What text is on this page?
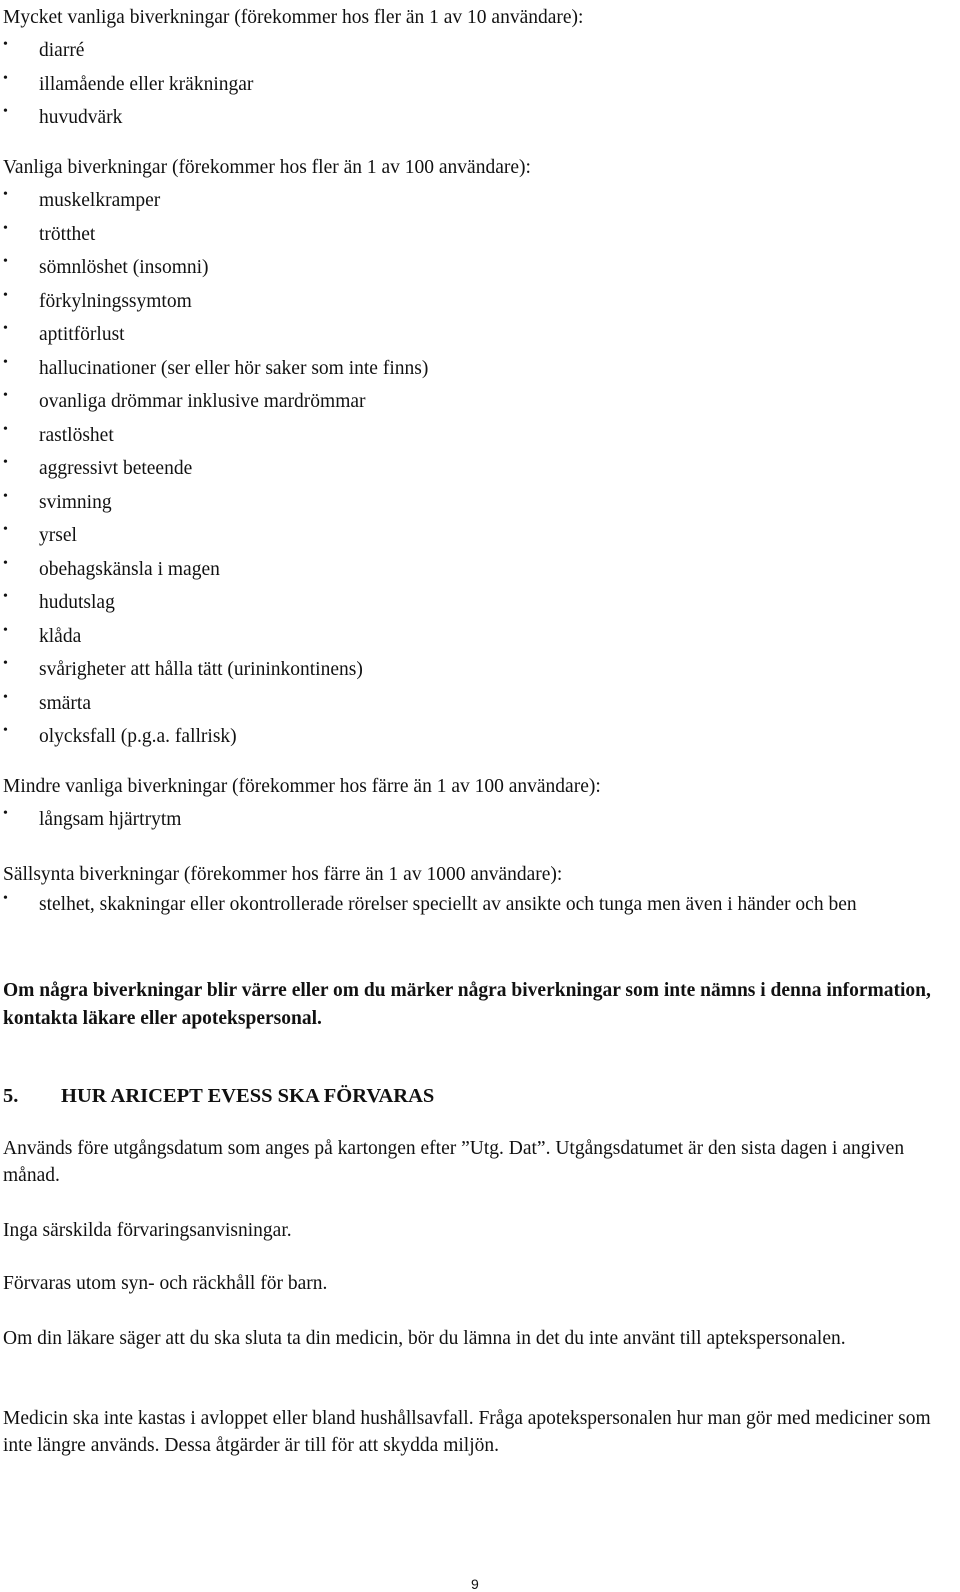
Mycket vanliga biverkningar (förekommer hos fler än 1 av 10 användare):
• diarré
• illamående eller kräkningar
• huvudvärk
Vanliga biverkningar (förekommer hos fler än 1 av 100 användare):
• muskelkramper
• trötthet
• sömnlöshet (insomni)
• förkylningssymtom
• aptitförlust
• hallucinationer (ser eller hör saker som inte finns)
• ovanliga drömmar inklusive mardrömmar
• rastlöshet
• aggressivt beteende
• svimning
• yrsel
• obehagskänsla i magen
• hudutslag
• klåda
• svårigheter att hålla tätt (urininkontinens)
• smärta
• olycksfall (p.g.a. fallrisk)
Mindre vanliga biverkningar (förekommer hos färre än 1 av 100 användare):
• långsam hjärtrytm
Sällsynta biverkningar (förekommer hos färre än 1 av 1000 användare):
• stelhet, skakningar eller okontrollerade rörelser speciellt av ansikte och tunga men även i händer och ben
Om några biverkningar blir värre eller om du märker några biverkningar som inte nämns i denna information, kontakta läkare eller apotekspersonal.
5. HUR ARICEPT EVESS SKA FÖRVARAS
Används före utgångsdatum som anges på kartongen efter ”Utg. Dat”. Utgångsdatumet är den sista dagen i angiven månad.
Inga särskilda förvaringsanvisningar.
Förvaras utom syn- och räckhåll för barn.
Om din läkare säger att du ska sluta ta din medicin, bör du lämna in det du inte använt till aptekspersonalen.
Medicin ska inte kastas i avloppet eller bland hushållsavfall. Fråga apotekspersonalen hur man gör med mediciner som inte längre används. Dessa åtgärder är till för att skydda miljön.
9
